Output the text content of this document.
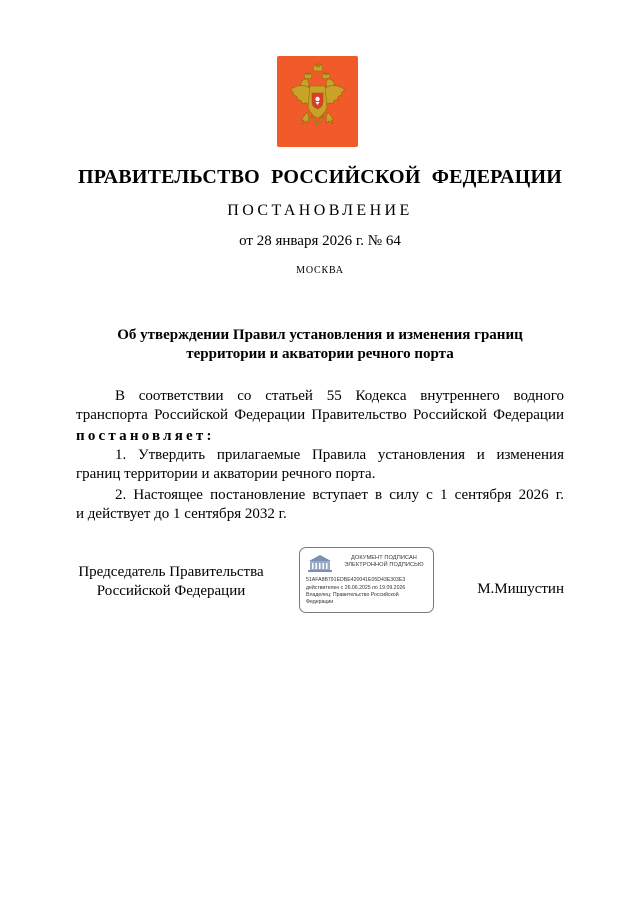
ПРАВИТЕЛЬСТВО РОССИЙСКОЙ ФЕДЕРАЦИИ
ПОСТАНОВЛЕНИЕ
от 28 января 2026 г. № 64
МОСКВА
Об утверждении Правил установления и изменения границ
территории и акватории речного порта
В соответствии со статьей 55 Кодекса внутреннего водного
транспорта Российской Федерации Правительство Российской Федерации
постановляет:
1. Утвердить прилагаемые Правила установления и изменения
границ территории и акватории речного порта.
2. Настоящее постановление вступает в силу с 1 сентября 2026 г.
и действует до 1 сентября 2032 г.
Председатель Правительства
Российской Федерации
ДОКУМЕНТ ПОДПИСАН
ЭЛЕКТРОННОЙ ПОДПИСЬЮ
51AFA8B791EDBE420041E05D43E303E3
действителен с 26.06.2025 по 19.09.2026
Владелец: Правительство Российской
Федерации
М.Мишустин
